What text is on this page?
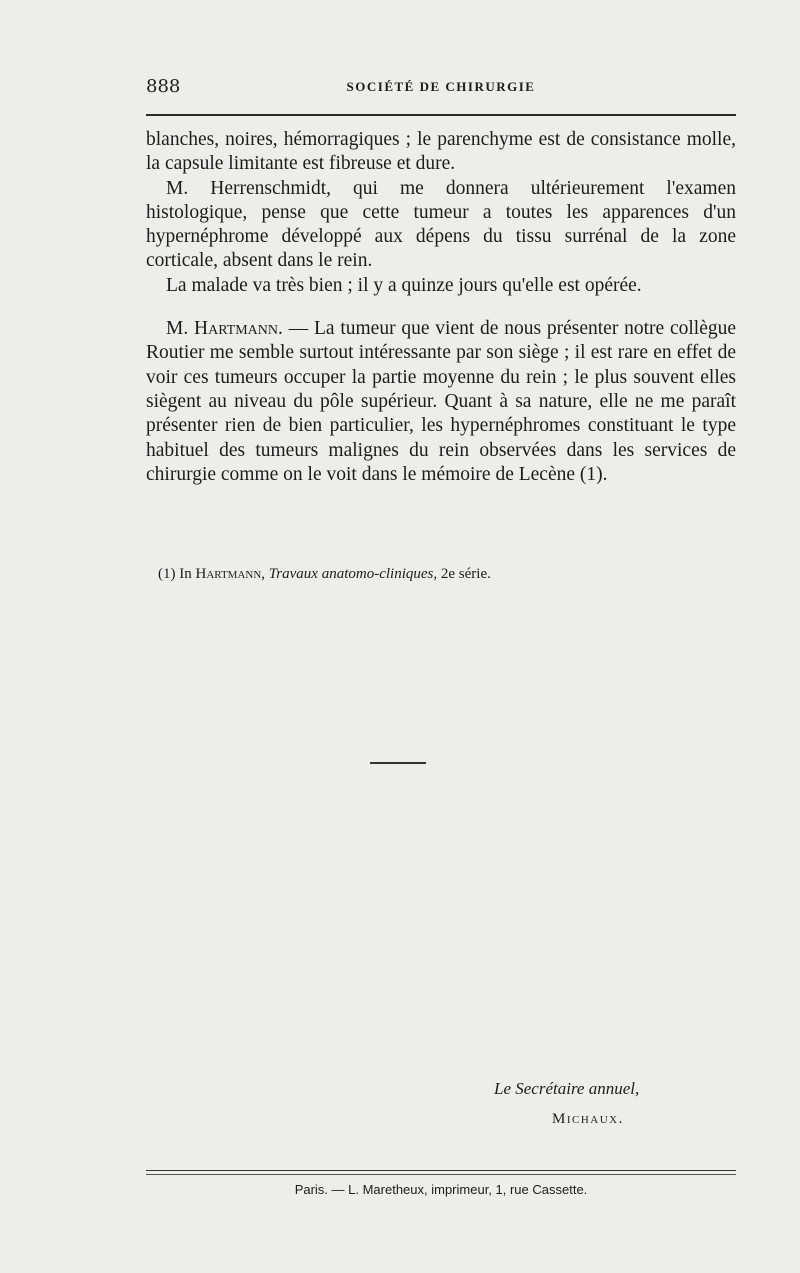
888	SOCIÉTÉ DE CHIRURGIE

blanches, noires, hémorragiques ; le parenchyme est de consistance molle, la capsule limitante est fibreuse et dure.

M. Herrenschmidt, qui me donnera ultérieurement l'examen histologique, pense que cette tumeur a toutes les apparences d'un hypernéphrome développé aux dépens du tissu surrénal de la zone corticale, absent dans le rein.

La malade va très bien ; il y a quinze jours qu'elle est opérée.

M. Hartmann. — La tumeur que vient de nous présenter notre collègue Routier me semble surtout intéressante par son siège ; il est rare en effet de voir ces tumeurs occuper la partie moyenne du rein ; le plus souvent elles siègent au niveau du pôle supérieur. Quant à sa nature, elle ne me paraît présenter rien de bien particulier, les hypernéphromes constituant le type habituel des tumeurs malignes du rein observées dans les services de chirurgie comme on le voit dans le mémoire de Lecène (1).

(1) In Hartmann, Travaux anatomo-cliniques, 2e série.
Le Secrétaire annuel,
Michaux.
Paris. — L. Maretheux, imprimeur, 1, rue Cassette.
